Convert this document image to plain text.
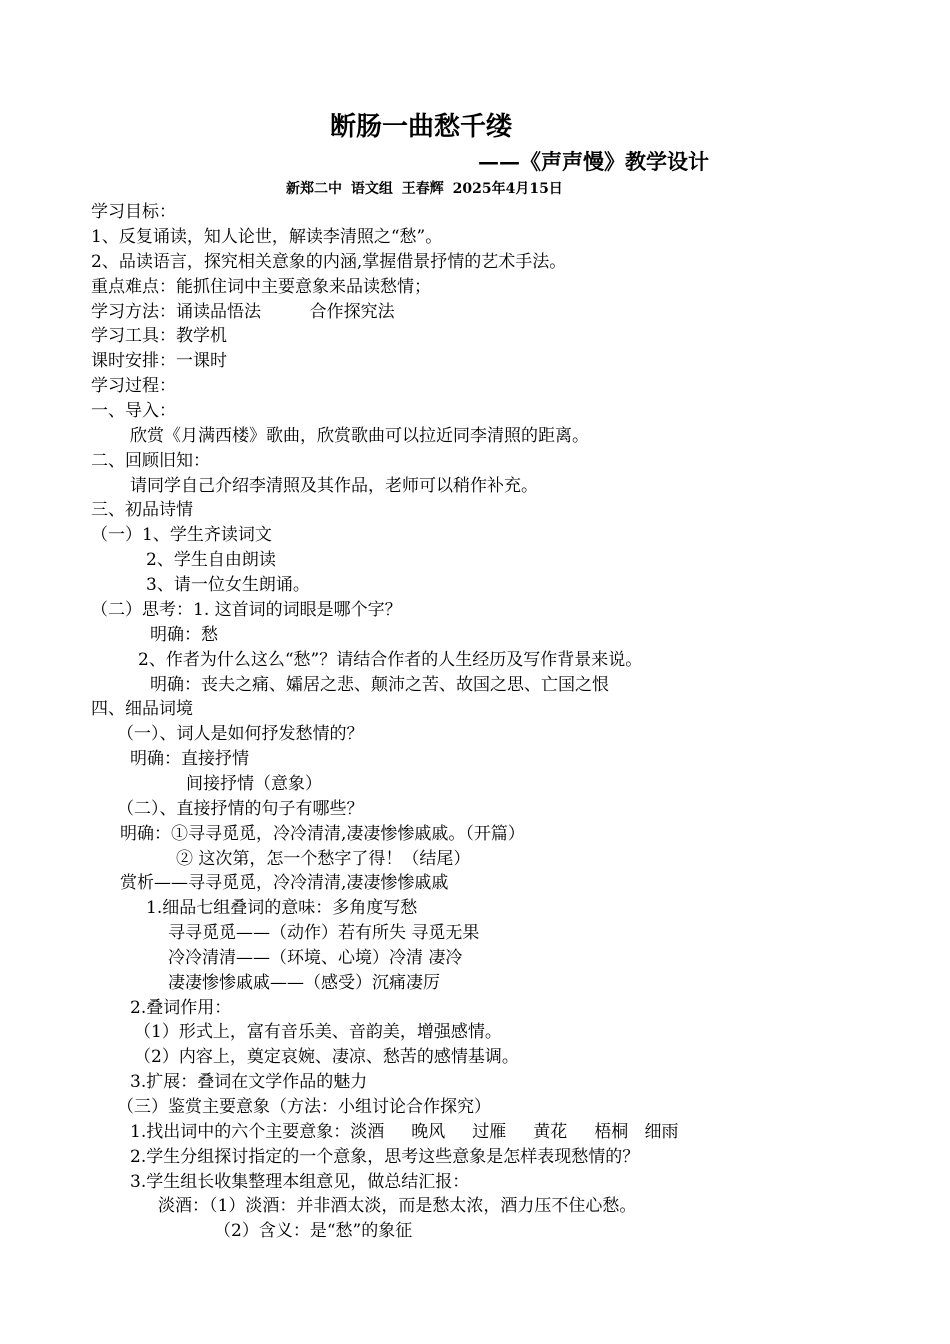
断肠一曲愁千缕
——《声声慢》教学设计
新郑二中 语文组 王春辉 2025年4月15日
学习目标：
1、反复诵读，知人论世，解读李清照之“愁”。
2、品读语言，探究相关意象的内涵,掌握借景抒情的艺术手法。
重点难点：能抓住词中主要意象来品读愁情；
学习方法：诵读品悟法         合作探究法
学习工具：教学机
课时安排：一课时
学习过程：
一、导入：
欣赏《月满西楼》歌曲，欣赏歌曲可以拉近同李清照的距离。
二、回顾旧知：
请同学自己介绍李清照及其作品，老师可以稍作补充。
三、初品诗情
（一）1、学生齐读词文
2、学生自由朗读
3、请一位女生朗诵。
（二）思考：1. 这首词的词眼是哪个字？
明确：愁
2、作者为什么这么“愁”？请结合作者的人生经历及写作背景来说。
明确：丧夫之痛、孀居之悲、颠沛之苦、故国之思、亡国之恨
四、细品词境
（一）、词人是如何抒发愁情的？
明确：直接抒情
间接抒情（意象）
（二）、直接抒情的句子有哪些？
明确：①寻寻觅觅，冷冷清清,凄凄惨惨戚戚。（开篇）
② 这次第，怎一个愁字了得！（结尾）
赏析——寻寻觅觅，冷冷清清,凄凄惨惨戚戚
1.细品七组叠词的意味：多角度写愁
寻寻觅觅——（动作）若有所失 寻觅无果
冷冷清清——（环境、心境）冷清 凄冷
凄凄惨惨戚戚——（感受）沉痛凄厉
2.叠词作用：
（1）形式上，富有音乐美、音韵美，增强感情。
（2）内容上，奠定哀婉、凄凉、愁苦的感情基调。
3.扩展：叠词在文学作品的魅力
（三）鉴赏主要意象（方法：小组讨论合作探究）
1.找出词中的六个主要意象：淡酒     晚风     过雁     黄花     梧桐   细雨
2.学生分组探讨指定的一个意象，思考这些意象是怎样表现愁情的？
3.学生组长收集整理本组意见，做总结汇报：
淡酒：（1）淡酒：并非酒太淡，而是愁太浓，酒力压不住心愁。
（2）含义：是“愁”的象征
